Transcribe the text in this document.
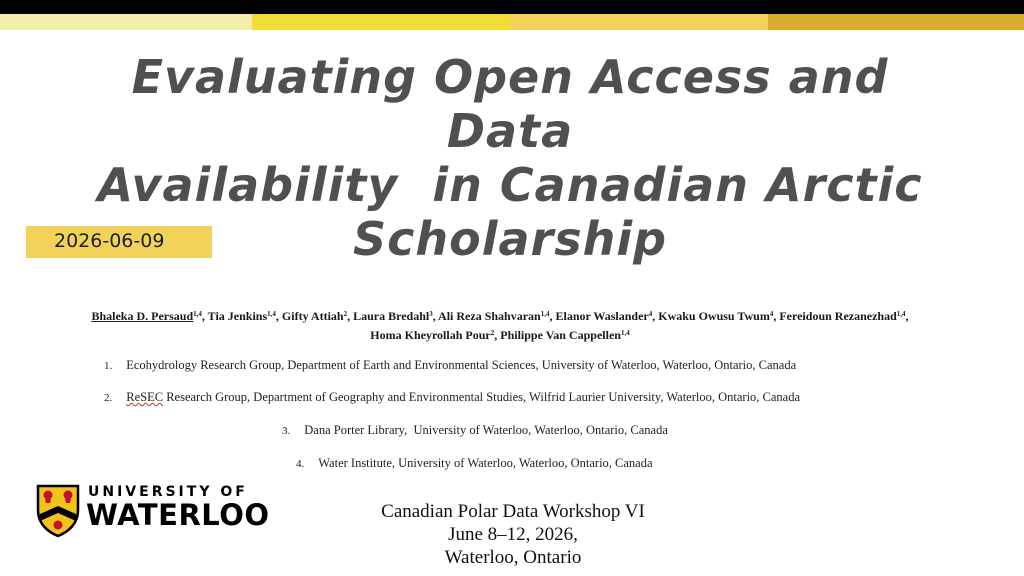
Evaluating Open Access and Data
Availability  in Canadian Arctic
Scholarship
2026-06-09
Bhaleka D. Persaud$^{1,4}$, Tia Jenkins$^{1,4}$, Gifty Attiah$^2$, Laura Bredahl$^3$, Ali Reza Shahvaran$^{1,4}$, Elanor Waslander$^4$, Kwaku Owusu Twum$^4$, Fereidoun Rezanezhad$^{1,4}$, Homa Kheyrollah Pour$^2$, Philippe Van Cappellen$^{1,4}$
1. Ecohydrology Research Group, Department of Earth and Environmental Sciences, University of Waterloo, Waterloo, Ontario, Canada
2. ReSEC Research Group, Department of Geography and Environmental Studies, Wilfrid Laurier University, Waterloo, Ontario, Canada
3. Dana Porter Library,  University of Waterloo, Waterloo, Ontario, Canada
4. Water Institute, University of Waterloo, Waterloo, Ontario, Canada
UNIVERSITY OF
WATERLOO	Canadian Polar Data Workshop VI
June 8–12, 2026,
Waterloo, Ontario
